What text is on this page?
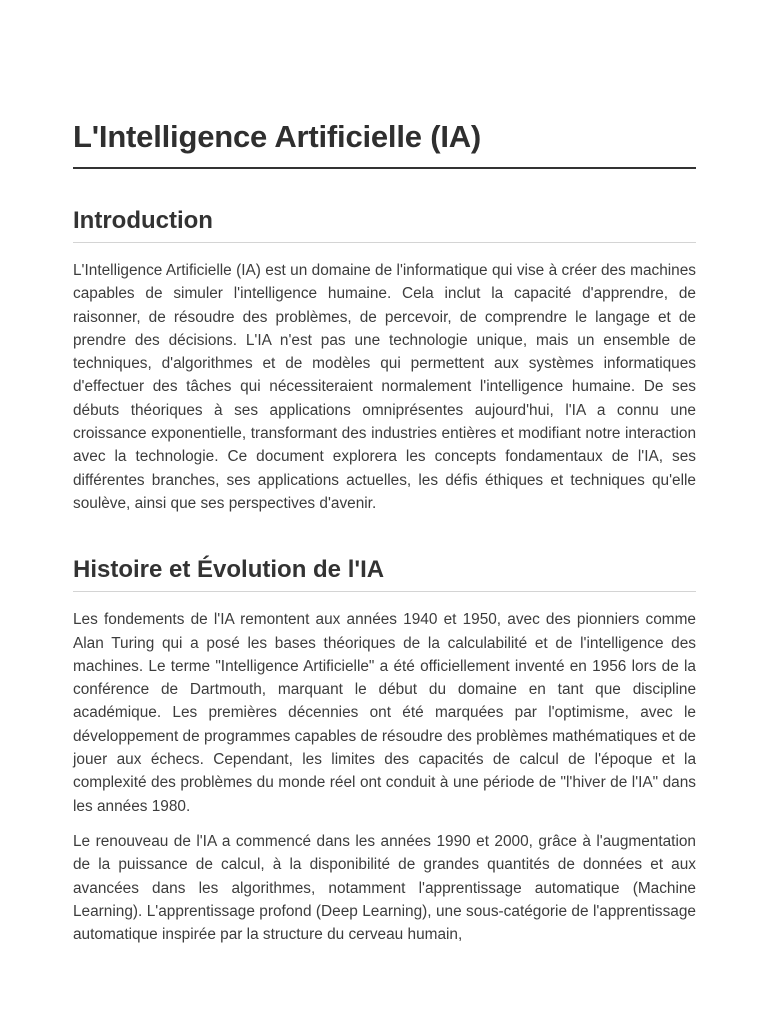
L'Intelligence Artificielle (IA)
Introduction

L'Intelligence Artificielle (IA) est un domaine de l'informatique qui vise à créer des machines capables de simuler l'intelligence humaine. Cela inclut la capacité d'apprendre, de raisonner, de résoudre des problèmes, de percevoir, de comprendre le langage et de prendre des décisions. L'IA n'est pas une technologie unique, mais un ensemble de techniques, d'algorithmes et de modèles qui permettent aux systèmes informatiques d'effectuer des tâches qui nécessiteraient normalement l'intelligence humaine. De ses débuts théoriques à ses applications omniprésentes aujourd'hui, l'IA a connu une croissance exponentielle, transformant des industries entières et modifiant notre interaction avec la technologie. Ce document explorera les concepts fondamentaux de l'IA, ses différentes branches, ses applications actuelles, les défis éthiques et techniques qu'elle soulève, ainsi que ses perspectives d'avenir.

Histoire et Évolution de l'IA

Les fondements de l'IA remontent aux années 1940 et 1950, avec des pionniers comme Alan Turing qui a posé les bases théoriques de la calculabilité et de l'intelligence des machines. Le terme "Intelligence Artificielle" a été officiellement inventé en 1956 lors de la conférence de Dartmouth, marquant le début du domaine en tant que discipline académique. Les premières décennies ont été marquées par l'optimisme, avec le développement de programmes capables de résoudre des problèmes mathématiques et de jouer aux échecs. Cependant, les limites des capacités de calcul de l'époque et la complexité des problèmes du monde réel ont conduit à une période de "l'hiver de l'IA" dans les années 1980.

Le renouveau de l'IA a commencé dans les années 1990 et 2000, grâce à l'augmentation de la puissance de calcul, à la disponibilité de grandes quantités de données et aux avancées dans les algorithmes, notamment l'apprentissage automatique (Machine Learning). L'apprentissage profond (Deep Learning), une sous-catégorie de l'apprentissage automatique inspirée par la structure du cerveau humain,
